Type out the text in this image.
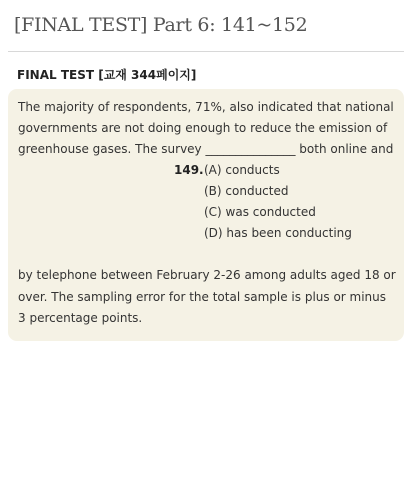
[FINAL TEST] Part 6: 141~152
FINAL TEST [교재 344페이지]
The majority of respondents, 71%, also indicated that national
governments are not doing enough to reduce the emission of
greenhouse gases. The survey _______________ both online and
149. (A) conducts
(B) conducted
(C) was conducted
(D) has been conducting
by telephone between February 2-26 among adults aged 18 or
over. The sampling error for the total sample is plus or minus
3 percentage points.
